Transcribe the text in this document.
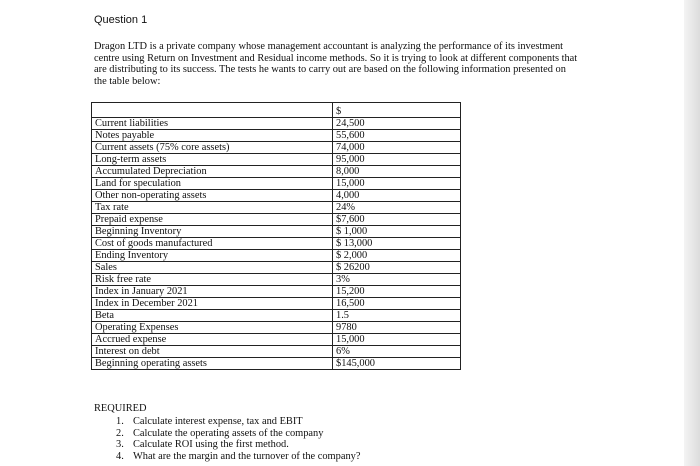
Question 1
Dragon LTD is a private company whose management accountant is analyzing the performance of its investment
centre using Return on Investment and Residual income methods. So it is trying to look at different components that
are distributing to its success. The tests he wants to carry out are based on the following information presented on
the table below:
	$
Current liabilities	24,500
Notes payable	55,600
Current assets (75% core assets)	74,000
Long-term assets	95,000
Accumulated Depreciation	8,000
Land for speculation	15,000
Other non-operating assets	4,000
Tax rate	24%
Prepaid expense	$7,600
Beginning Inventory	$ 1,000
Cost of goods manufactured	$ 13,000
Ending Inventory	$ 2,000
Sales	$ 26200
Risk free rate	3%
Index in January 2021	15,200
Index in December 2021	16,500
Beta	1.5
Operating Expenses	9780
Accrued expense	15,000
Interest on debt	6%
Beginning operating assets	$145,000
REQUIRED
1. Calculate interest expense, tax and EBIT
2. Calculate the operating assets of the company
3. Calculate ROI using the first method.
4. What are the margin and the turnover of the company?
